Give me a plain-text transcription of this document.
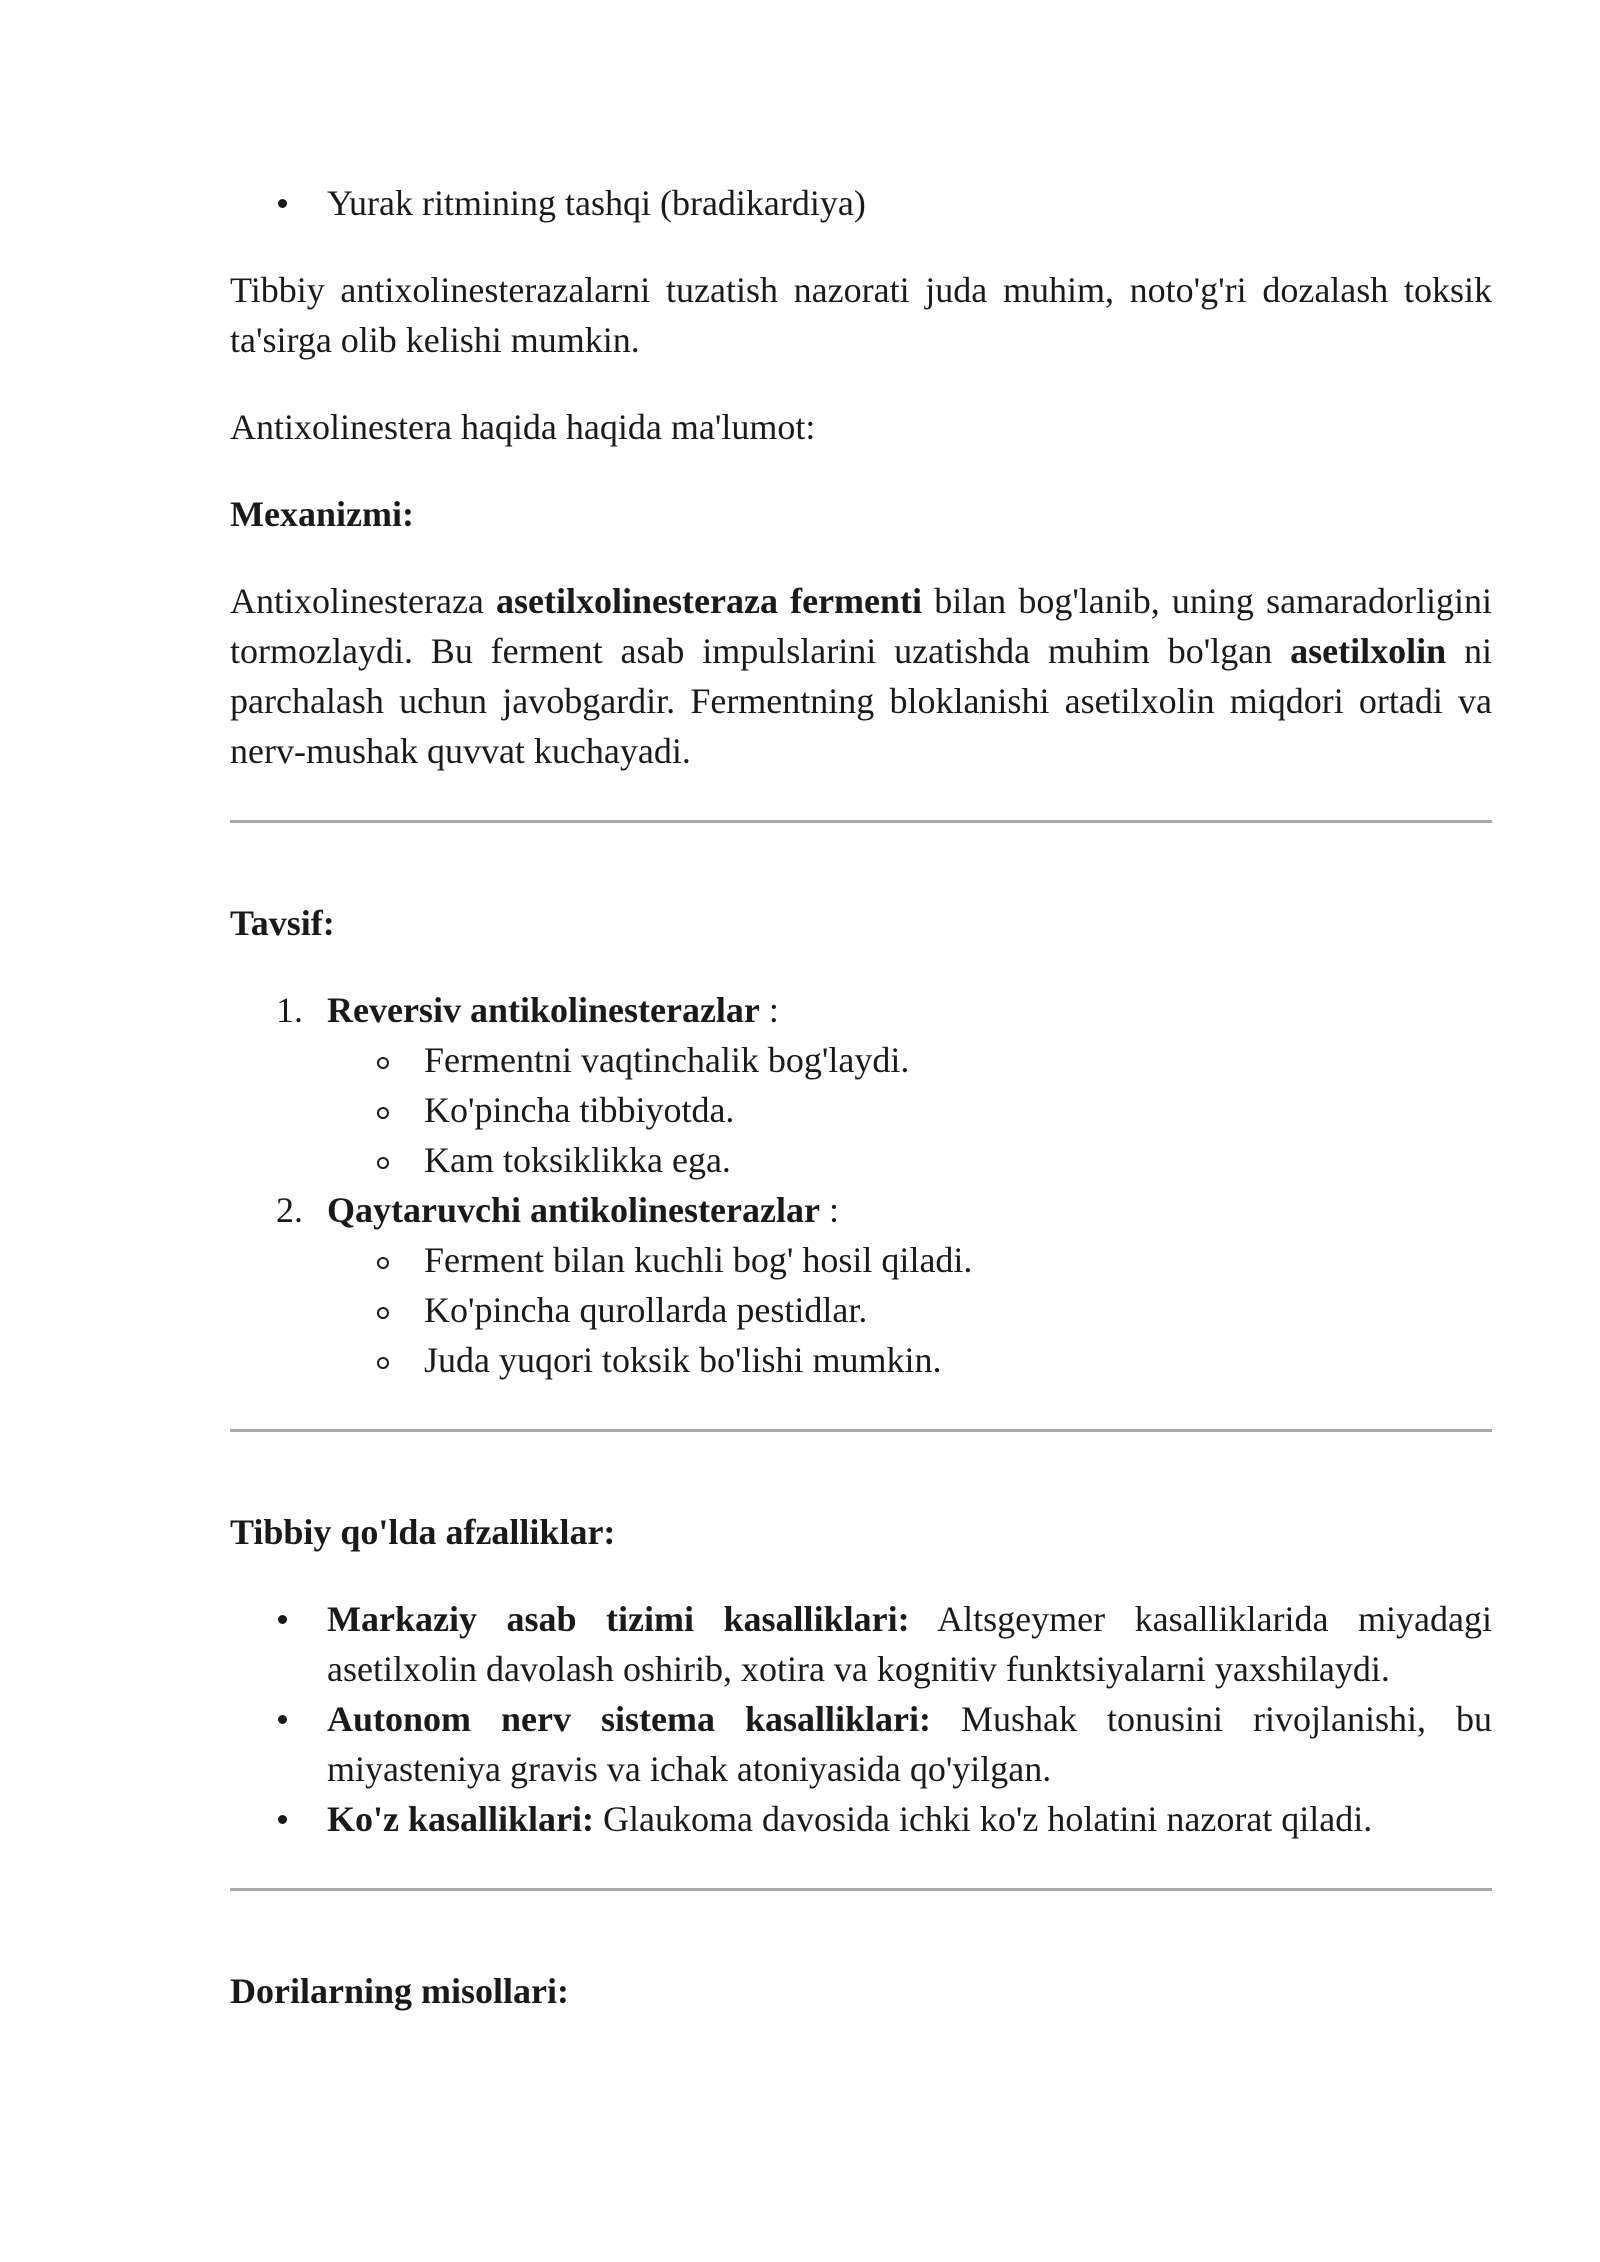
Yurak ritmining tashqi (bradikardiya)

Tibbiy antixolinesterazalarni tuzatish nazorati juda muhim, noto'g'ri dozalash toksik ta'sirga olib kelishi mumkin.

Antixolinestera haqida haqida ma'lumot:

Mexanizmi:

Antixolinesteraza asetilxolinesteraza fermenti bilan bog'lanib, uning samaradorligini tormozlaydi. Bu ferment asab impulslarini uzatishda muhim bo'lgan asetilxolin ni parchalash uchun javobgardir. Fermentning bloklanishi asetilxolin miqdori ortadi va nerv-mushak quvvat kuchayadi.

Tavsif:

1. Reversiv antikolinesterazlar :
Fermentni vaqtinchalik bog'laydi.
Ko'pincha tibbiyotda.
Kam toksiklikka ega.
2. Qaytaruvchi antikolinesterazlar :
Ferment bilan kuchli bog' hosil qiladi.
Ko'pincha qurollarda pestidlar.
Juda yuqori toksik bo'lishi mumkin.

Tibbiy qo'lda afzalliklar:

Markaziy asab tizimi kasalliklari: Altsgeymer kasalliklarida miyadagi asetilxolin davolash oshirib, xotira va kognitiv funktsiyalarni yaxshilaydi.
Autonom nerv sistema kasalliklari: Mushak tonusini rivojlanishi, bu miyasteniya gravis va ichak atoniyasida qo'yilgan.
Ko'z kasalliklari: Glaukoma davosida ichki ko'z holatini nazorat qiladi.

Dorilarning misollari:
